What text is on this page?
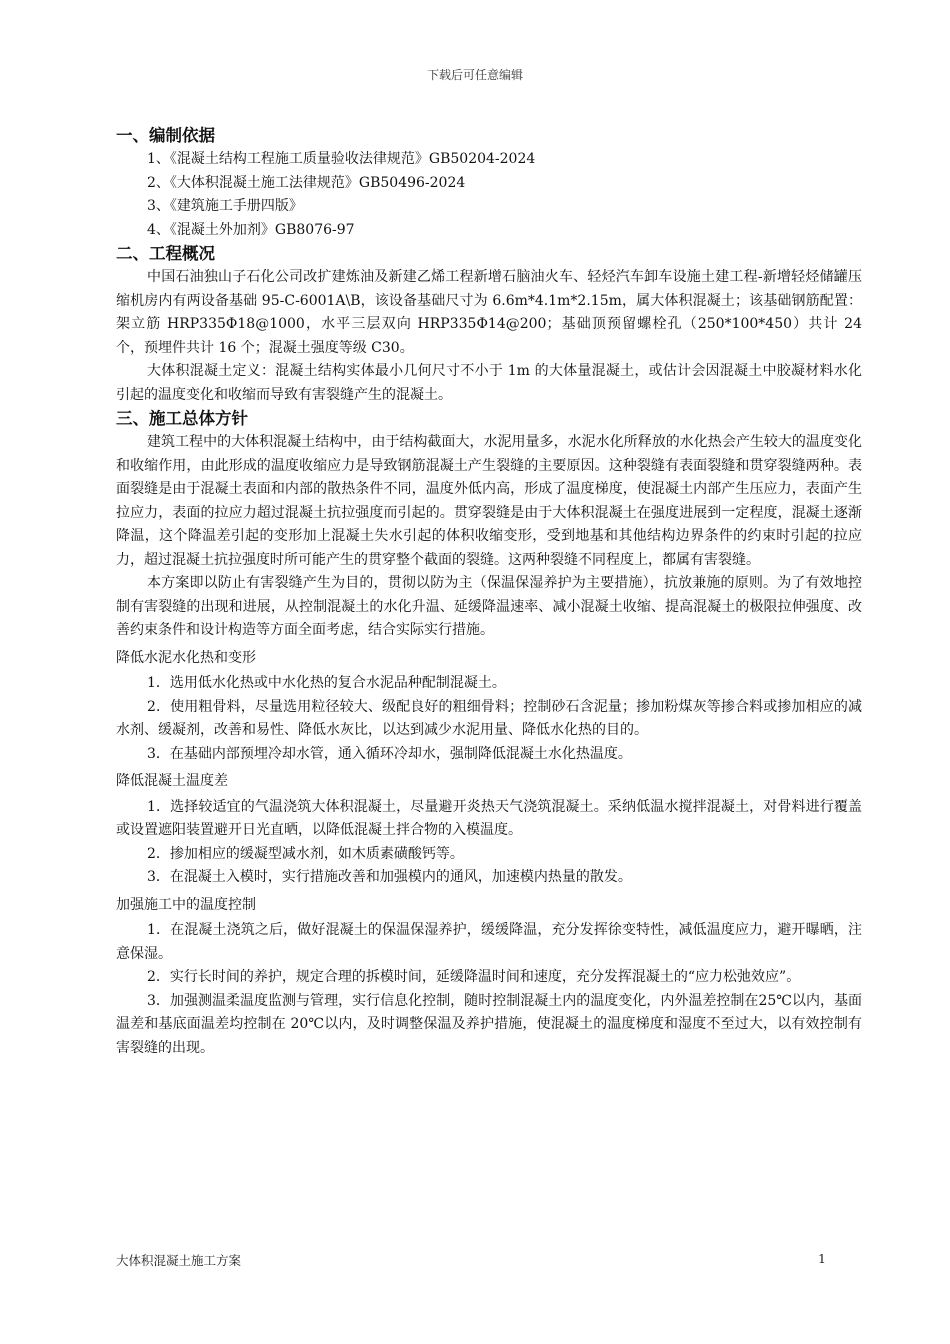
下载后可任意编辑
一、编制依据
1、《混凝土结构工程施工质量验收法律规范》GB50204-2024
2、《大体积混凝土施工法律规范》GB50496-2024
3、《建筑施工手册四版》
4、《混凝土外加剂》GB8076-97
二、工程概况

中国石油独山子石化公司改扩建炼油及新建乙烯工程新增石脑油火车、轻烃汽车卸车设施土建工程-新增轻烃储罐压缩机房内有两设备基础 95-C-6001A\B，该设备基础尺寸为 6.6m*4.1m*2.15m，属大体积混凝土；该基础钢筋配置：架立筋 HRP335Φ18@1000，水平三层双向 HRP335Φ14@200；基础顶预留螺栓孔（250*100*450）共计 24 个，预埋件共计 16 个；混凝土强度等级 C30。

大体积混凝土定义：混凝土结构实体最小几何尺寸不小于 1m 的大体量混凝土，或估计会因混凝土中胶凝材料水化引起的温度变化和收缩而导致有害裂缝产生的混凝土。

三、施工总体方针

建筑工程中的大体积混凝土结构中，由于结构截面大，水泥用量多，水泥水化所释放的水化热会产生较大的温度变化和收缩作用，由此形成的温度收缩应力是导致钢筋混凝土产生裂缝的主要原因。这种裂缝有表面裂缝和贯穿裂缝两种。表面裂缝是由于混凝土表面和内部的散热条件不同，温度外低内高，形成了温度梯度，使混凝土内部产生压应力，表面产生拉应力，表面的拉应力超过混凝土抗拉强度而引起的。贯穿裂缝是由于大体积混凝土在强度进展到一定程度，混凝土逐渐降温，这个降温差引起的变形加上混凝土失水引起的体积收缩变形，受到地基和其他结构边界条件的约束时引起的拉应力，超过混凝土抗拉强度时所可能产生的贯穿整个截面的裂缝。这两种裂缝不同程度上，都属有害裂缝。

本方案即以防止有害裂缝产生为目的，贯彻以防为主（保温保湿养护为主要措施），抗放兼施的原则。为了有效地控制有害裂缝的出现和进展，从控制混凝土的水化升温、延缓降温速率、减小混凝土收缩、提高混凝土的极限拉伸强度、改善约束条件和设计构造等方面全面考虑，结合实际实行措施。

降低水泥水化热和变形

1．选用低水化热或中水化热的复合水泥品种配制混凝土。

2．使用粗骨料，尽量选用粒径较大、级配良好的粗细骨料；控制砂石含泥量；掺加粉煤灰等掺合料或掺加相应的减水剂、缓凝剂，改善和易性、降低水灰比，以达到减少水泥用量、降低水化热的目的。

3．在基础内部预埋冷却水管，通入循环冷却水，强制降低混凝土水化热温度。

降低混凝土温度差

1．选择较适宜的气温浇筑大体积混凝土，尽量避开炎热天气浇筑混凝土。采纳低温水搅拌混凝土，对骨料进行覆盖或设置遮阳装置避开日光直晒，以降低混凝土拌合物的入模温度。

2．掺加相应的缓凝型减水剂，如木质素磺酸钙等。

3．在混凝土入模时，实行措施改善和加强模内的通风，加速模内热量的散发。

加强施工中的温度控制

1．在混凝土浇筑之后，做好混凝土的保温保湿养护，缓缓降温，充分发挥徐变特性，减低温度应力，避开曝晒，注意保湿。

2．实行长时间的养护，规定合理的拆模时间，延缓降温时间和速度，充分发挥混凝土的“应力松弛效应”。

3．加强测温柔温度监测与管理，实行信息化控制，随时控制混凝土内的温度变化，内外温差控制在25℃以内，基面温差和基底面温差均控制在 20℃以内，及时调整保温及养护措施，使混凝土的温度梯度和湿度不至过大，以有效控制有害裂缝的出现。

大体积混凝土施工方案	1
